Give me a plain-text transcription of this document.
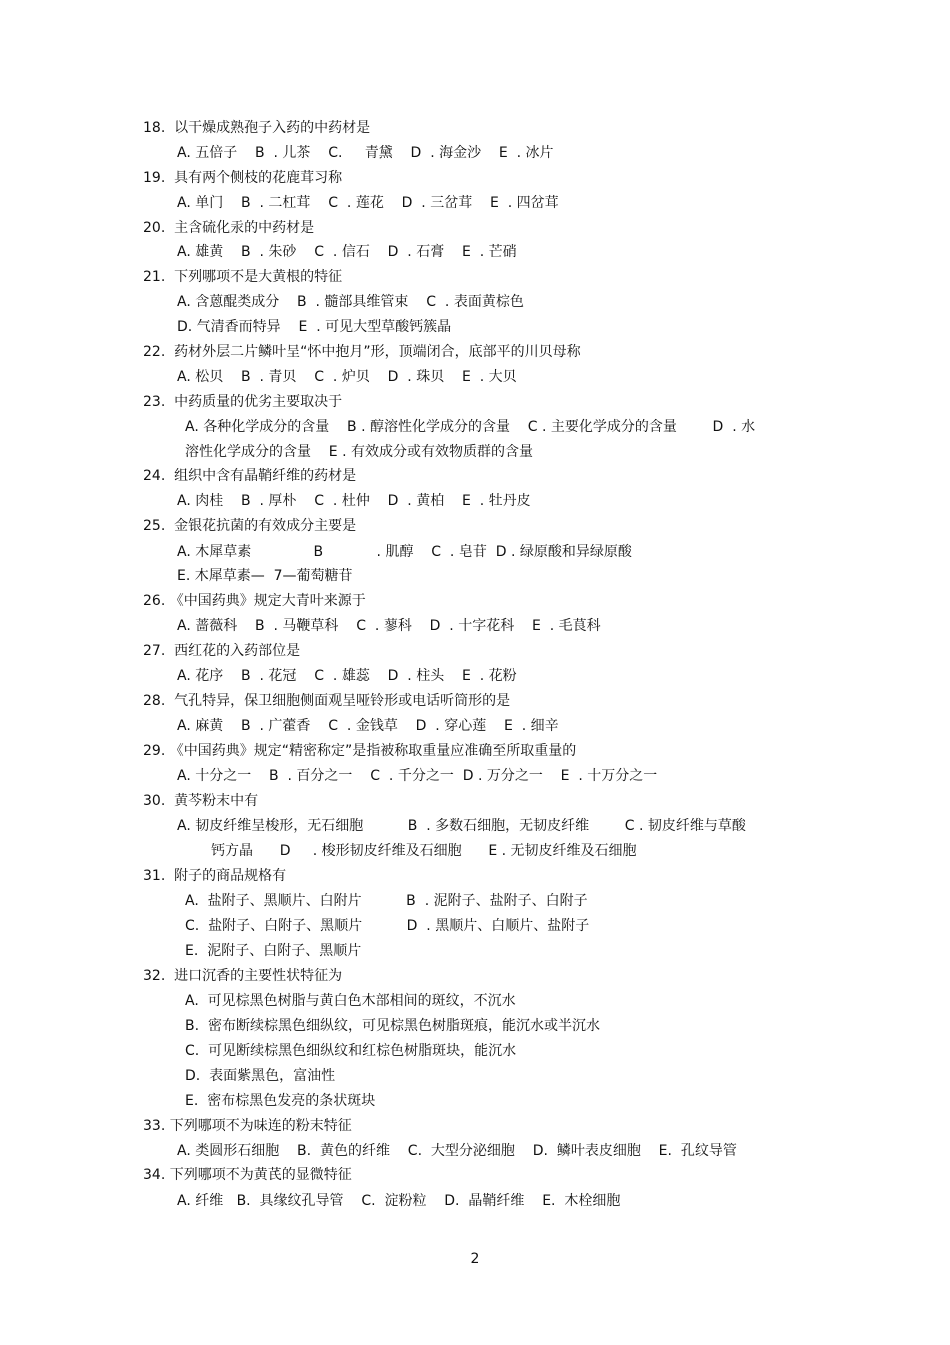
18.  以干燥成熟孢子入药的中药材是
A. 五倍子    B  . 儿茶    C.     青黛    D  . 海金沙    E  . 冰片
19.  具有两个侧枝的花鹿茸习称
A. 单门    B  . 二杠茸    C  . 莲花    D  . 三岔茸    E  . 四岔茸
20.  主含硫化汞的中药材是
A. 雄黄    B  . 朱砂    C  . 信石    D  . 石膏    E  . 芒硝
21.  下列哪项不是大黄根的特征
A. 含蒽醌类成分    B  . 髓部具维管束    C  . 表面黄棕色
D. 气清香而特异    E  . 可见大型草酸钙簇晶
22.  药材外层二片鳞叶呈“怀中抱月”形，顶端闭合，底部平的川贝母称
A. 松贝    B  . 青贝    C  . 炉贝    D  . 珠贝    E  . 大贝
23.  中药质量的优劣主要取决于
A. 各种化学成分的含量    B . 醇溶性化学成分的含量    C . 主要化学成分的含量        D  . 水
溶性化学成分的含量    E . 有效成分或有效物质群的含量
24.  组织中含有晶鞘纤维的药材是
A. 肉桂    B  . 厚朴    C  . 杜仲    D  . 黄柏    E  . 牡丹皮
25.  金银花抗菌的有效成分主要是
A. 木犀草素              B            . 肌醇    C  . 皂苷  D . 绿原酸和异绿原酸
E. 木犀草素—  7—葡萄糖苷
26. 《中国药典》规定大青叶来源于
A. 蔷薇科    B  . 马鞭草科    C  . 蓼科    D  . 十字花科    E  . 毛茛科
27.  西红花的入药部位是
A. 花序    B  . 花冠    C  . 雄蕊    D  . 柱头    E  . 花粉
28.  气孔特异，保卫细胞侧面观呈哑铃形或电话听筒形的是
A. 麻黄    B  . 广藿香    C  . 金钱草    D  . 穿心莲    E  . 细辛
29. 《中国药典》规定“精密称定”是指被称取重量应准确至所取重量的
A. 十分之一    B  . 百分之一    C  . 千分之一  D . 万分之一    E  . 十万分之一
30.  黄芩粉末中有
A. 韧皮纤维呈梭形，无石细胞          B  . 多数石细胞，无韧皮纤维        C . 韧皮纤维与草酸
钙方晶      D     . 梭形韧皮纤维及石细胞      E . 无韧皮纤维及石细胞
31.  附子的商品规格有
A.  盐附子、黑顺片、白附片          B  . 泥附子、盐附子、白附子
C.  盐附子、白附子、黑顺片          D  . 黑顺片、白顺片、盐附子
E.  泥附子、白附子、黑顺片
32.  进口沉香的主要性状特征为
A.  可见棕黑色树脂与黄白色木部相间的斑纹，不沉水
B.  密布断续棕黑色细纵纹，可见棕黑色树脂斑痕，能沉水或半沉水
C.  可见断续棕黑色细纵纹和红棕色树脂斑块，能沉水
D.  表面紫黑色，富油性
E.  密布棕黑色发亮的条状斑块
33. 下列哪项不为味连的粉末特征
A. 类圆形石细胞    B.  黄色的纤维    C.  大型分泌细胞    D.  鳞叶表皮细胞    E.  孔纹导管
34. 下列哪项不为黄芪的显微特征
A. 纤维   B.  具缘纹孔导管    C.  淀粉粒    D.  晶鞘纤维    E.  木栓细胞
2
